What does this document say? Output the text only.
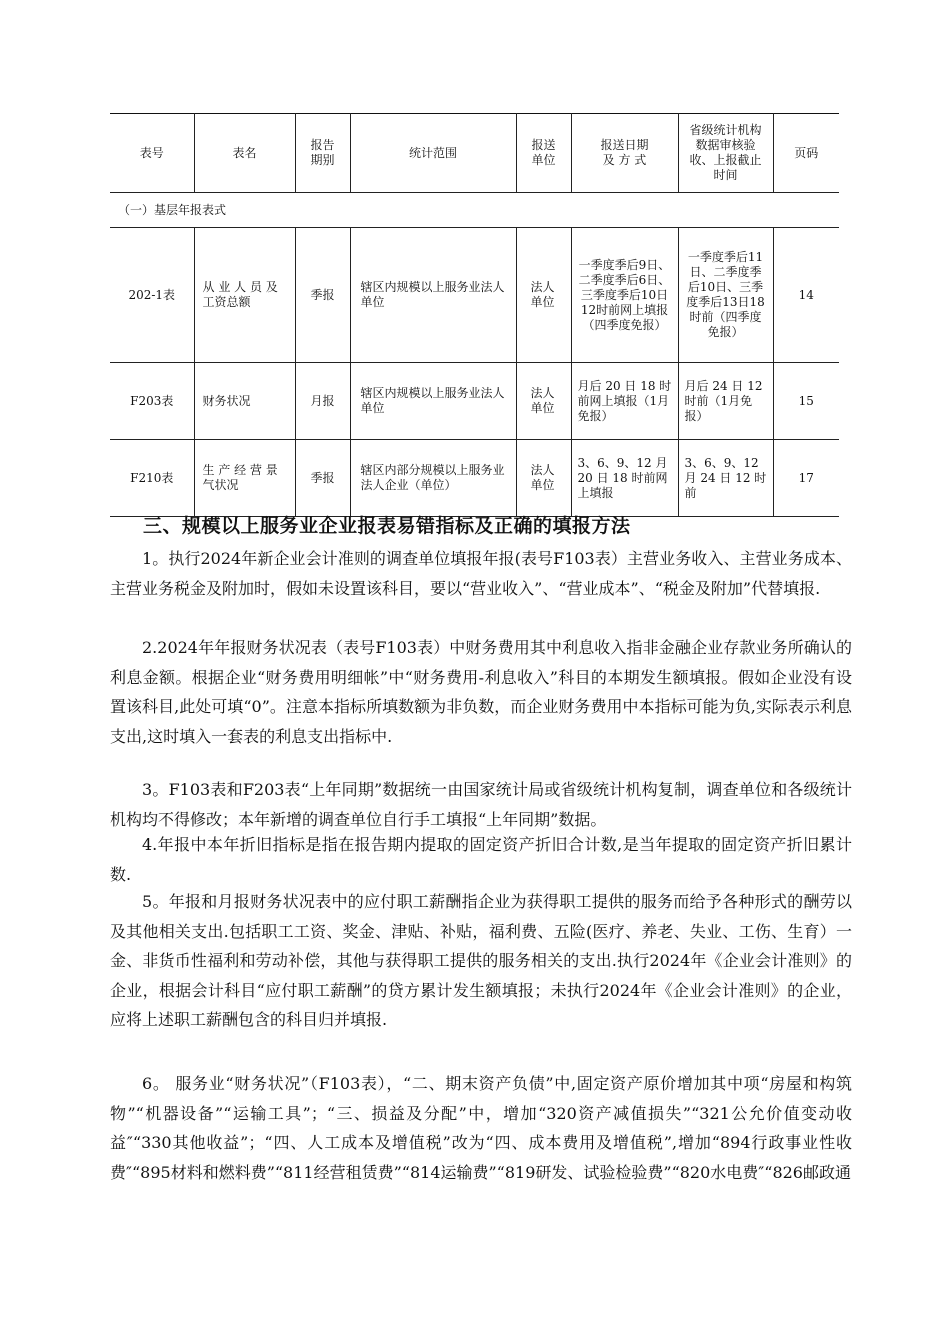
表号	表名	报告期别	统计范围	报送单位	报送日期及 方 式	省级统计机构数据审核验收、上报截止时间	页码
（一）基层年报表式							
202-1表	从 业 人 员 及工资总额	季报	辖区内规模以上服务业法人单位	法人单位	一季度季后9日、二季度季后6日、三季度季后10日12时前网上填报（四季度免报）	一季度季后11日、二季度季后10日、三季度季后13日18时前（四季度免报）	14
F203表	财务状况	月报	辖区内规模以上服务业法人单位	法人单位	月后 20 日 18 时前网上填报（1月免报）	月后 24 日 12 时前（1月免报）	15
F210表	生 产 经 营 景气状况	季报	辖区内部分规模以上服务业法人企业（单位）	法人单位	3、6、9、12 月 20 日 18 时前网上填报	3、6、9、12 月 24 日 12 时前	17
三、规模以上服务业企业报表易错指标及正确的填报方法

1。执行2024年新企业会计准则的调查单位填报年报(表号F103表）主营业务收入、主营业务成本、主营业务税金及附加时，假如未设置该科目，要以“营业收入”、“营业成本”、“税金及附加”代替填报.

2.2024年年报财务状况表（表号F103表）中财务费用其中利息收入指非金融企业存款业务所确认的利息金额。根据企业“财务费用明细帐”中“财务费用-利息收入”科目的本期发生额填报。假如企业没有设置该科目,此处可填“0”。注意本指标所填数额为非负数，而企业财务费用中本指标可能为负,实际表示利息支出,这时填入一套表的利息支出指标中.

3。F103表和F203表“上年同期”数据统一由国家统计局或省级统计机构复制，调查单位和各级统计机构均不得修改；本年新增的调查单位自行手工填报“上年同期”数据。

4.年报中本年折旧指标是指在报告期内提取的固定资产折旧合计数,是当年提取的固定资产折旧累计数.

5。年报和月报财务状况表中的应付职工薪酬指企业为获得职工提供的服务而给予各种形式的酬劳以及其他相关支出.包括职工工资、奖金、津贴、补贴，福利费、五险(医疗、养老、失业、工伤、生育）一金、非货币性福利和劳动补偿，其他与获得职工提供的服务相关的支出.执行2024年《企业会计准则》的企业，根据会计科目“应付职工薪酬”的贷方累计发生额填报；未执行2024年《企业会计准则》的企业，应将上述职工薪酬包含的科目归并填报.

6。 服务业“财务状况”（F103表），“二、期末资产负债”中,固定资产原价增加其中项“房屋和构筑物”“机器设备”“运输工具”；“三、损益及分配”中，增加“320资产减值损失”“321公允价值变动收益″“330其他收益”；“四、人工成本及增值税”改为“四、成本费用及增值税”,增加“894行政事业性收费″“895材料和燃料费”“811经营租赁费”“814运输费”“819研发、试验检验费”“820水电费″“826邮政通
